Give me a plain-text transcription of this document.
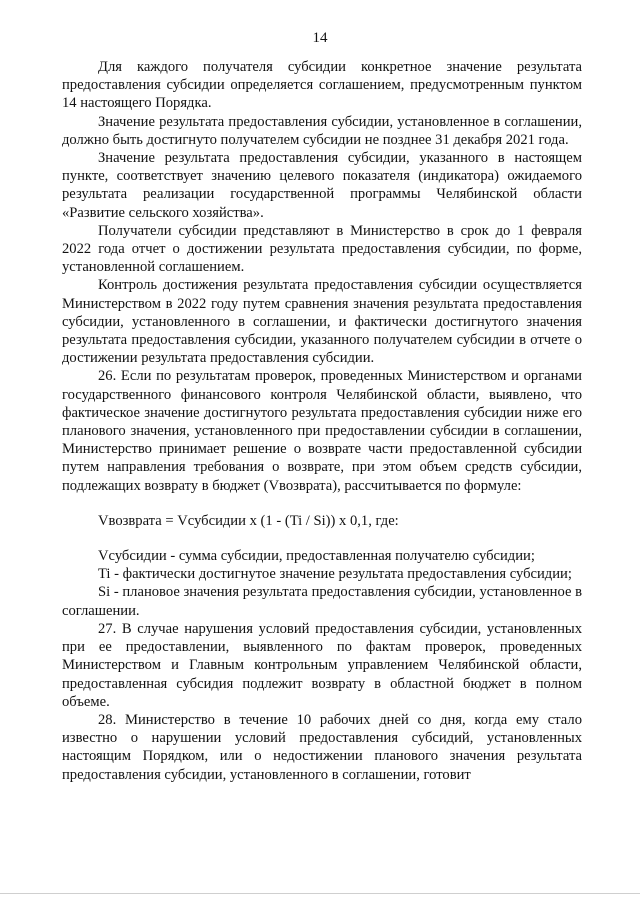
14

Для каждого получателя субсидии конкретное значение результата предоставления субсидии определяется соглашением, предусмотренным пунктом 14 настоящего Порядка.

Значение результата предоставления субсидии, установленное в соглашении, должно быть достигнуто получателем субсидии не позднее 31 декабря 2021 года.

Значение результата предоставления субсидии, указанного в настоящем пункте, соответствует значению целевого показателя (индикатора) ожидаемого результата реализации государственной программы Челябинской области «Развитие сельского хозяйства».

Получатели субсидии представляют в Министерство в срок до 1 февраля 2022 года отчет о достижении результата предоставления субсидии, по форме, установленной соглашением.

Контроль достижения результата предоставления субсидии осуществляется Министерством в 2022 году путем сравнения значения результата предоставления субсидии, установленного в соглашении, и фактически достигнутого значения результата предоставления субсидии, указанного получателем субсидии в отчете о достижении результата предоставления субсидии.

26. Если по результатам проверок, проведенных Министерством и органами государственного финансового контроля Челябинской области, выявлено, что фактическое значение достигнутого результата предоставления субсидии ниже его планового значения, установленного при предоставлении субсидии в соглашении, Министерство принимает решение о возврате части предоставленной субсидии путем направления требования о возврате, при этом объем средств субсидии, подлежащих возврату в бюджет (Vвозврата), рассчитывается по формуле:

Vвозврата = Vсубсидии x (1 - (Ti / Si)) x 0,1, где:

Vсубсидии - сумма субсидии, предоставленная получателю субсидии;

Ti - фактически достигнутое значение результата предоставления субсидии;

Si - плановое значения результата предоставления субсидии, установленное в соглашении.

27. В случае нарушения условий предоставления субсидии, установленных при ее предоставлении, выявленного по фактам проверок, проведенных Министерством и Главным контрольным управлением Челябинской области, предоставленная субсидия подлежит возврату в областной бюджет в полном объеме.

28. Министерство в течение 10 рабочих дней со дня, когда ему стало известно о нарушении условий предоставления субсидий, установленных настоящим Порядком, или о недостижении планового значения результата предоставления субсидии, установленного в соглашении, готовит
